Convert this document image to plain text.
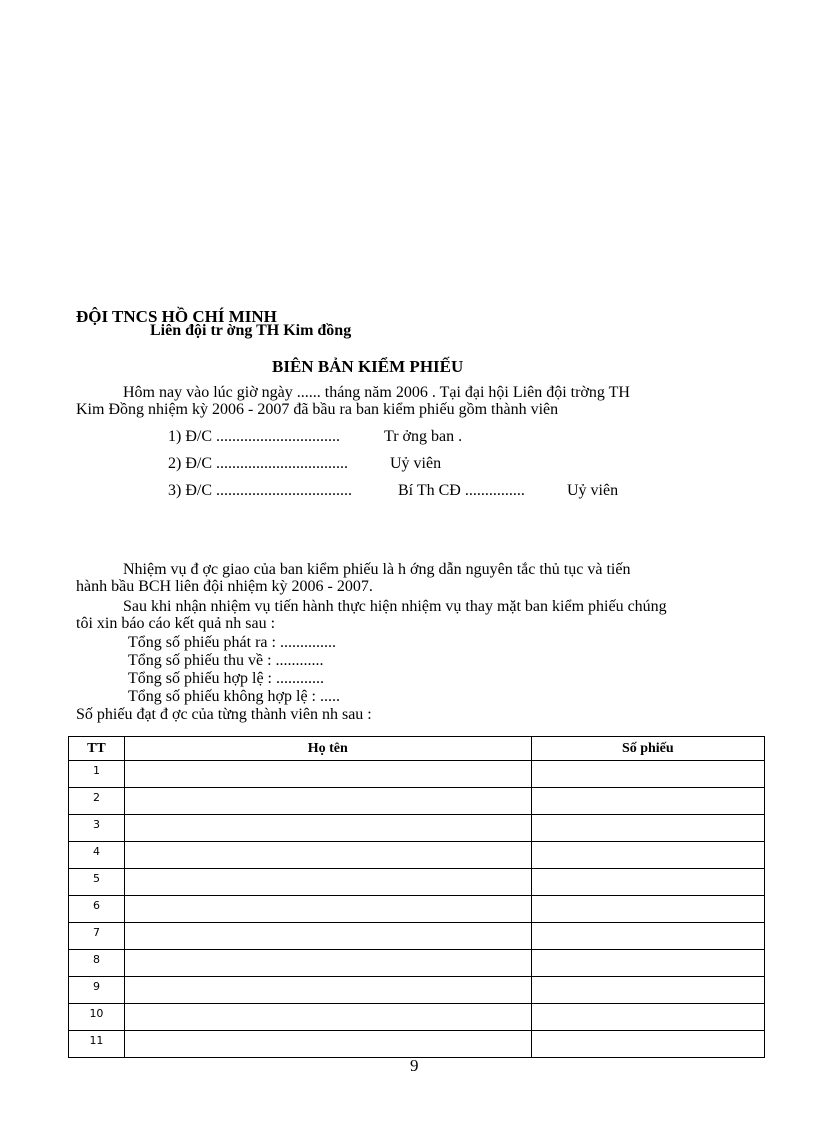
ĐỘI TNCS HỒ CHÍ MINH
Liên đội tr ờng TH Kim đồng
BIÊN BẢN KIỂM PHIẾU
Hôm nay vào lúc giờ ngày ...... tháng năm 2006 . Tại đại hội Liên đội trờng TH
Kim Đồng nhiệm kỳ 2006 - 2007 đã bầu ra ban kiểm phiếu gồm thành viên
1) Đ/C ...............................	Tr ởng ban .
2) Đ/C .................................	Uỷ viên
3) Đ/C ..................................	Bí Th CĐ ...............	Uỷ viên
Nhiệm vụ đ ợc giao của ban kiểm phiếu là h ớng dẫn nguyên tắc thủ tục và tiến
hành bầu BCH liên đội nhiệm kỳ 2006 - 2007.
Sau khi nhận nhiệm vụ tiến hành thực hiện nhiệm vụ thay mặt ban kiểm phiếu chúng
tôi xin báo cáo kết quả nh sau :
Tổng số phiếu phát ra : ..............
Tổng số phiếu thu về : ............
Tổng số phiếu hợp lệ : ............
Tổng số phiếu không hợp lệ : .....
Số phiếu đạt đ ợc của từng thành viên nh sau :
TT	Họ tên	Số phiếu
1		
2		
3		
4		
5		
6		
7		
8		
9		
10		
11		
9
